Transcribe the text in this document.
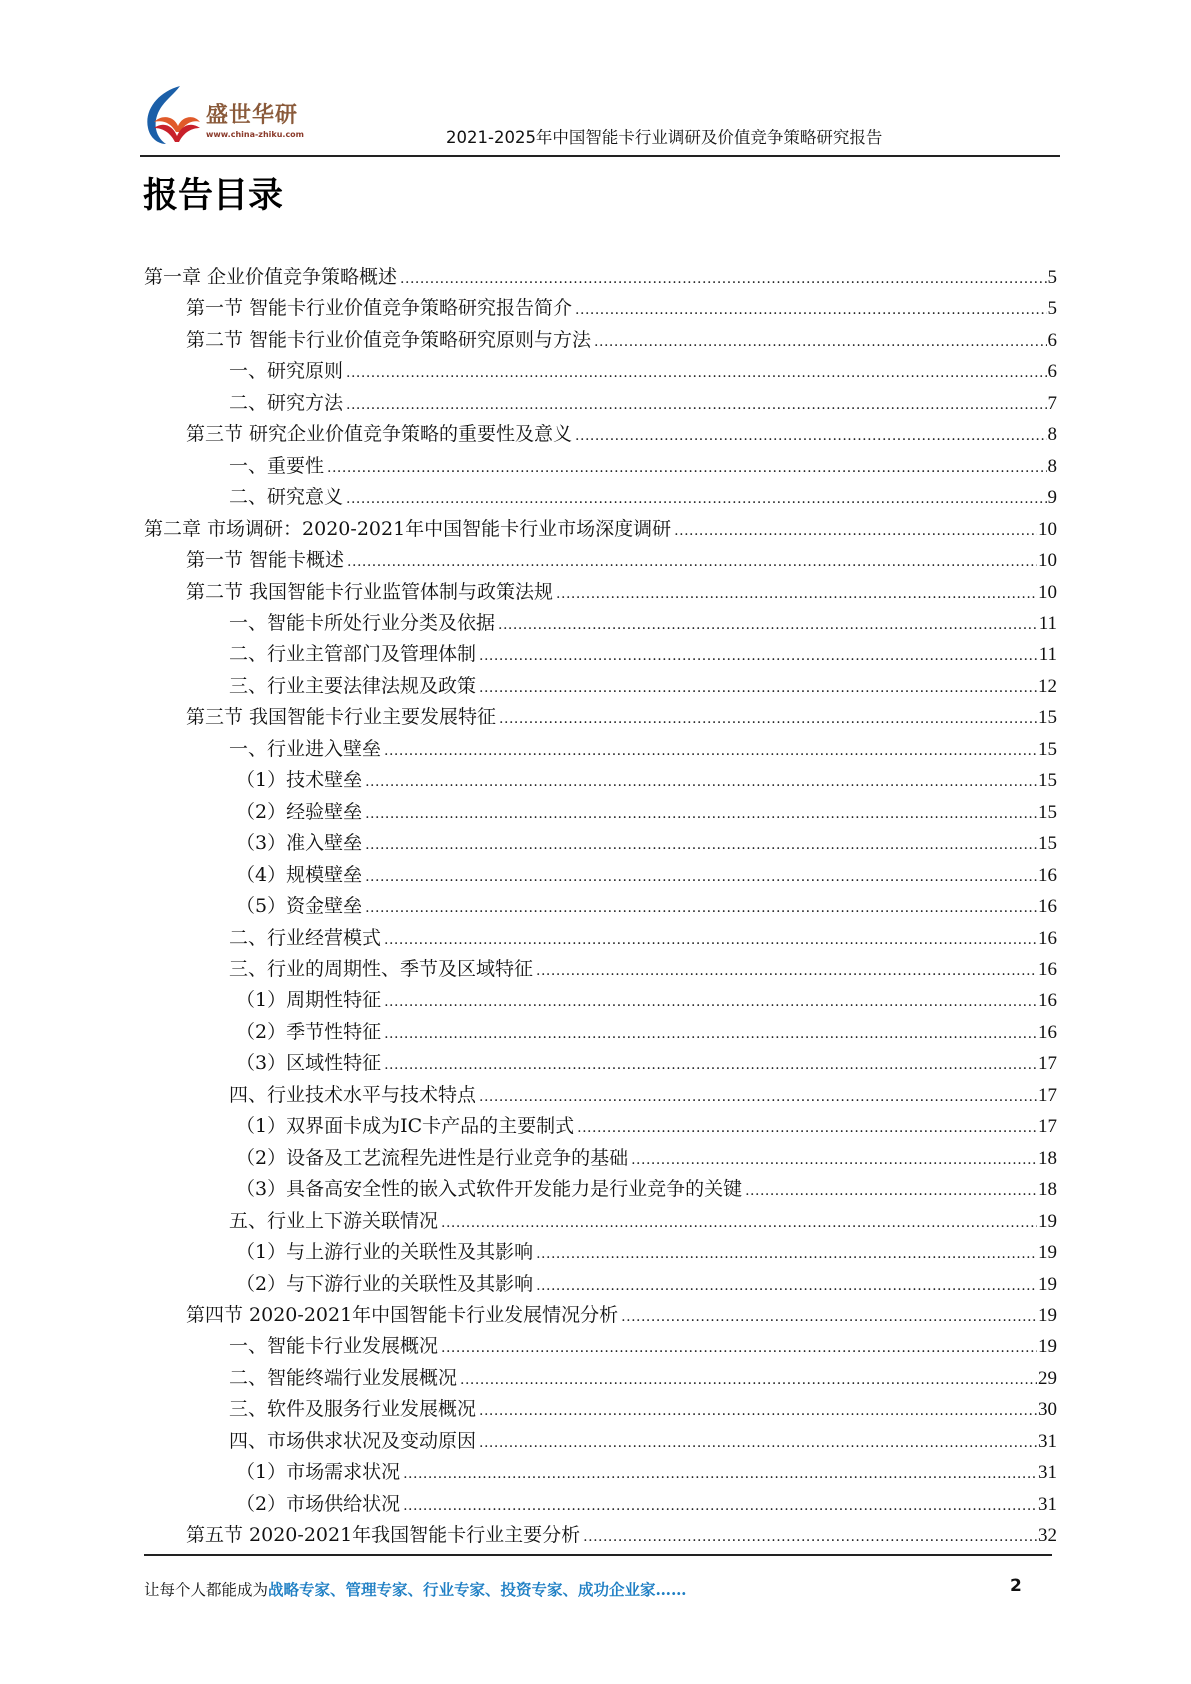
盛世华研
www.china-zhiku.com	2021-2025年中国智能卡行业调研及价值竞争策略研究报告
报告目录
第一章 企业价值竞争策略概述 .....	5
第一节 智能卡行业价值竞争策略研究报告简介 .....	5
第二节 智能卡行业价值竞争策略研究原则与方法 .....	6
一、研究原则 .....	6
二、研究方法 .....	7
第三节 研究企业价值竞争策略的重要性及意义 .....	8
一、重要性 .....	8
二、研究意义 .....	9
第二章 市场调研：2020-2021年中国智能卡行业市场深度调研 .....	10
第一节 智能卡概述 .....	10
第二节 我国智能卡行业监管体制与政策法规 .....	10
一、智能卡所处行业分类及依据 .....	11
二、行业主管部门及管理体制 .....	11
三、行业主要法律法规及政策 .....	12
第三节 我国智能卡行业主要发展特征 .....	15
一、行业进入壁垒 .....	15
（1）技术壁垒 .....	15
（2）经验壁垒 .....	15
（3）准入壁垒 .....	15
（4）规模壁垒 .....	16
（5）资金壁垒 .....	16
二、行业经营模式 .....	16
三、行业的周期性、季节及区域特征 .....	16
（1）周期性特征 .....	16
（2）季节性特征 .....	16
（3）区域性特征 .....	17
四、行业技术水平与技术特点 .....	17
（1）双界面卡成为IC卡产品的主要制式 .....	17
（2）设备及工艺流程先进性是行业竞争的基础 .....	18
（3）具备高安全性的嵌入式软件开发能力是行业竞争的关键 .....	18
五、行业上下游关联情况 .....	19
（1）与上游行业的关联性及其影响 .....	19
（2）与下游行业的关联性及其影响 .....	19
第四节 2020-2021年中国智能卡行业发展情况分析 .....	19
一、智能卡行业发展概况 .....	19
二、智能终端行业发展概况 .....	29
三、软件及服务行业发展概况 .....	30
四、市场供求状况及变动原因 .....	31
（1）市场需求状况 .....	31
（2）市场供给状况 .....	31
第五节 2020-2021年我国智能卡行业主要分析 .....	32
让每个人都能成为战略专家、管理专家、行业专家、投资专家、成功企业家……	2
